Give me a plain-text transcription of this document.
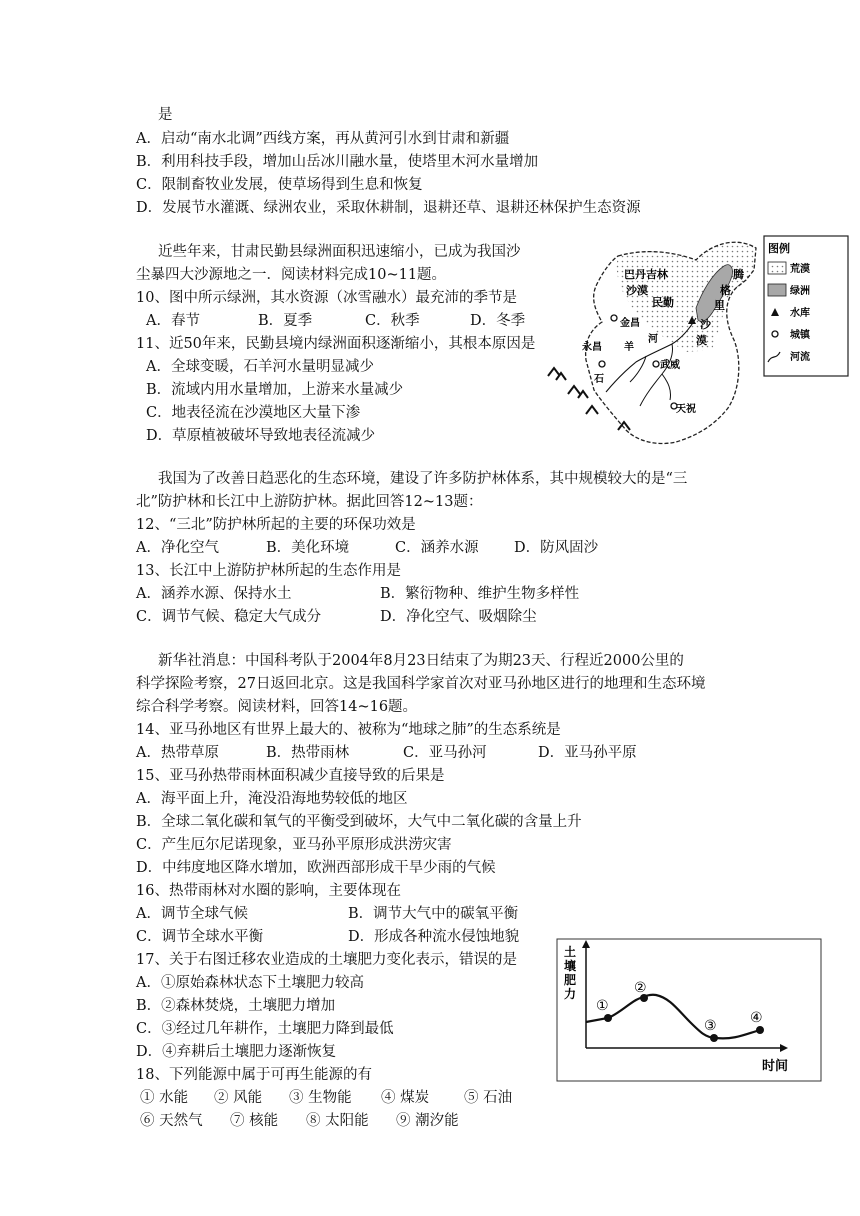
是
A．启动“南水北调”西线方案，再从黄河引水到甘肃和新疆
B．利用科技手段，增加山岳冰川融水量，使塔里木河水量增加
C．限制畜牧业发展，使草场得到生息和恢复
D．发展节水灌溉、绿洲农业，采取休耕制，退耕还草、退耕还林保护生态资源
近些年来，甘肃民勤县绿洲面积迅速缩小，已成为我国沙
尘暴四大沙源地之一．阅读材料完成10~11题。
10、图中所示绿洲，其水资源（冰雪融水）最充沛的季节是
A．春节	B．夏季	C．秋季	D．冬季
11、近50年来，民勤县境内绿洲面积逐渐缩小，其根本原因是
A．全球变暖，石羊河水量明显减少
B．流域内用水量增加，上游来水量减少
C．地表径流在沙漠地区大量下渗
D．草原植被破坏导致地表径流减少
巴丹吉林
沙漠
民勤
腾
格
里
沙
漠
金昌
永昌 羊
河
石
武威
天祝
图例
荒漠
绿洲
水库
城镇
河流
我国为了改善日趋恶化的生态环境，建设了许多防护林体系，其中规模较大的是“三
北”防护林和长江中上游防护林。据此回答12~13题：
12、“三北”防护林所起的主要的环保功效是
A．净化空气	B．美化环境	C．涵养水源 D．防风固沙
13、长江中上游防护林所起的生态作用是
A．涵养水源、保持水土	B．繁衍物种、维护生物多样性
C．调节气候、稳定大气成分	D．净化空气、吸烟除尘
新华社消息：中国科考队于2004年8月23日结束了为期23天、行程近2000公里的
科学探险考察，27日返回北京。这是我国科学家首次对亚马孙地区进行的地理和生态环境
综合科学考察。阅读材料，回答14~16题。
14、亚马孙地区有世界上最大的、被称为“地球之肺”的生态系统是
A．热带草原	B．热带雨林	C．亚马孙河	D．亚马孙平原
15、亚马孙热带雨林面积减少直接导致的后果是
A．海平面上升，淹没沿海地势较低的地区
B．全球二氧化碳和氧气的平衡受到破坏，大气中二氧化碳的含量上升
C．产生厄尔尼诺现象，亚马孙平原形成洪涝灾害
D．中纬度地区降水增加，欧洲西部形成干旱少雨的气候
16、热带雨林对水圈的影响，主要体现在
A．调节全球气候	B．调节大气中的碳氧平衡
C．调节全球水平衡	D．形成各种流水侵蚀地貌
17、关于右图迁移农业造成的土壤肥力变化表示，错误的是
A．①原始森林状态下土壤肥力较高
B．②森林焚烧，土壤肥力增加
C．③经过几年耕作，土壤肥力降到最低
D．④弃耕后土壤肥力逐渐恢复
土
壤
肥
力
时间
①
②
③ ④
18、下列能源中属于可再生能源的有
① 水能 ② 风能 ③ 生物能 ④ 煤炭 ⑤ 石油
⑥ 天然气 ⑦ 核能 ⑧ 太阳能 ⑨ 潮汐能
